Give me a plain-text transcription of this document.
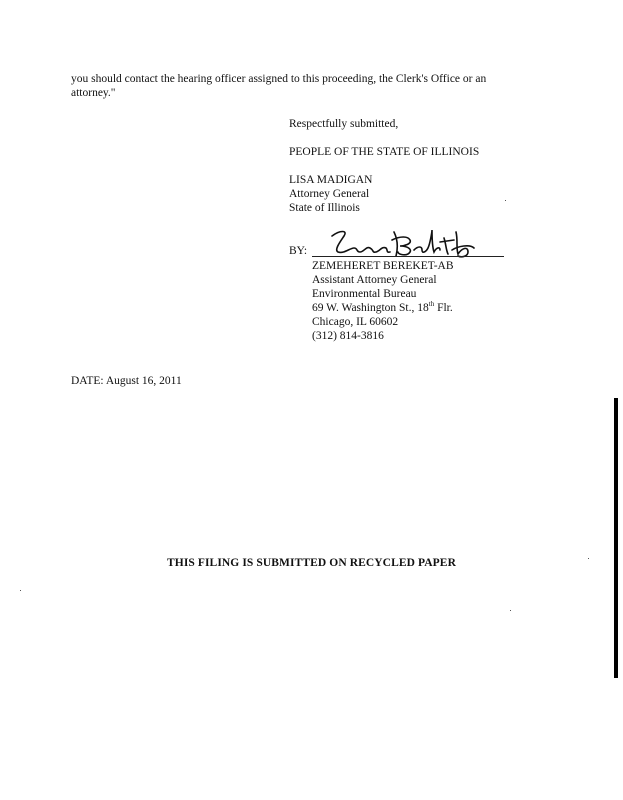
you should contact the hearing officer assigned to this proceeding, the Clerk's Office or an attorney."
Respectfully submitted,
PEOPLE OF THE STATE OF ILLINOIS
LISA MADIGAN
Attorney General
State of Illinois
BY:
ZEMEHERET BEREKET-AB
Assistant Attorney General
Environmental Bureau
69 W. Washington St., 18th Flr.
Chicago, IL 60602
(312) 814-3816
DATE: August 16, 2011
THIS FILING IS SUBMITTED ON RECYCLED PAPER
